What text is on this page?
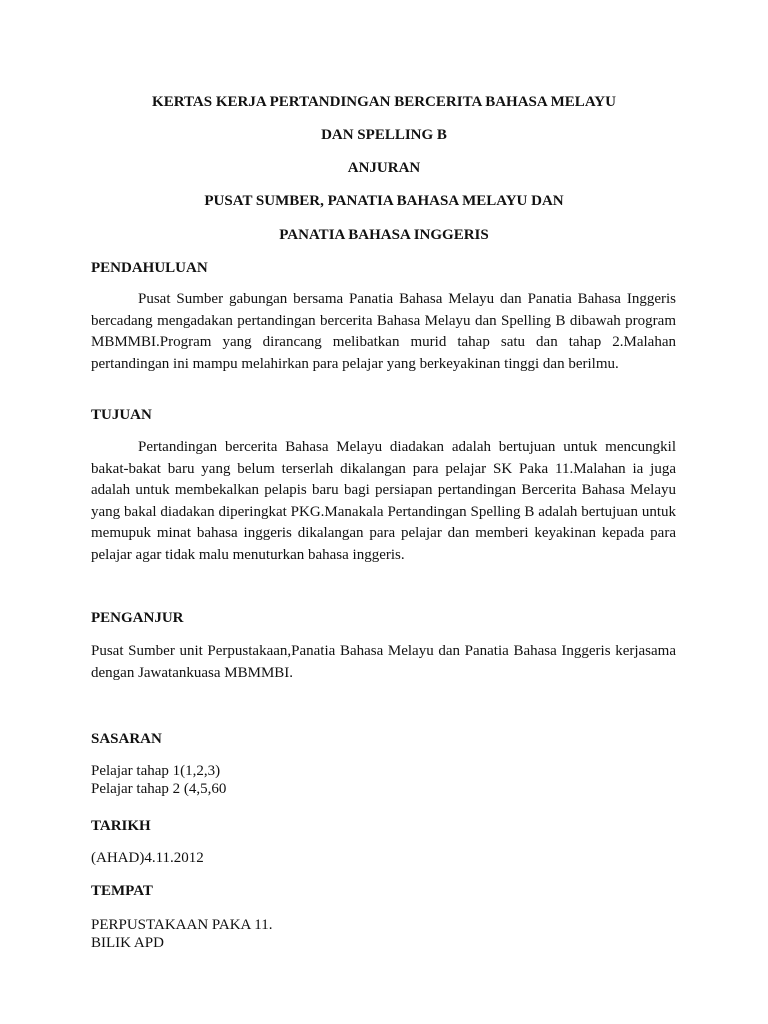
KERTAS KERJA PERTANDINGAN BERCERITA BAHASA MELAYU
DAN SPELLING B
ANJURAN
PUSAT SUMBER, PANATIA BAHASA MELAYU DAN
PANATIA BAHASA INGGERIS
PENDAHULUAN

Pusat Sumber gabungan bersama Panatia Bahasa Melayu dan Panatia Bahasa Inggeris bercadang mengadakan pertandingan bercerita Bahasa Melayu dan Spelling B dibawah program MBMMBI.Program yang dirancang melibatkan murid tahap satu dan tahap 2.Malahan pertandingan ini mampu melahirkan para pelajar yang berkeyakinan tinggi dan berilmu.

TUJUAN

Pertandingan bercerita Bahasa Melayu diadakan adalah bertujuan untuk mencungkil bakat-bakat baru yang belum terserlah dikalangan para pelajar SK Paka 11.Malahan ia juga adalah untuk membekalkan pelapis baru bagi persiapan pertandingan Bercerita Bahasa Melayu yang bakal diadakan diperingkat PKG.Manakala Pertandingan Spelling B adalah bertujuan untuk memupuk minat bahasa inggeris dikalangan para pelajar dan memberi keyakinan kepada para pelajar agar tidak malu menuturkan bahasa inggeris.

PENGANJUR

Pusat Sumber unit Perpustakaan,Panatia Bahasa Melayu dan Panatia Bahasa Inggeris kerjasama dengan Jawatankuasa MBMMBI.

SASARAN
Pelajar tahap 1(1,2,3)
Pelajar tahap 2 (4,5,60
TARIKH
(AHAD)4.11.2012
TEMPAT
PERPUSTAKAAN PAKA 11.
BILIK APD
